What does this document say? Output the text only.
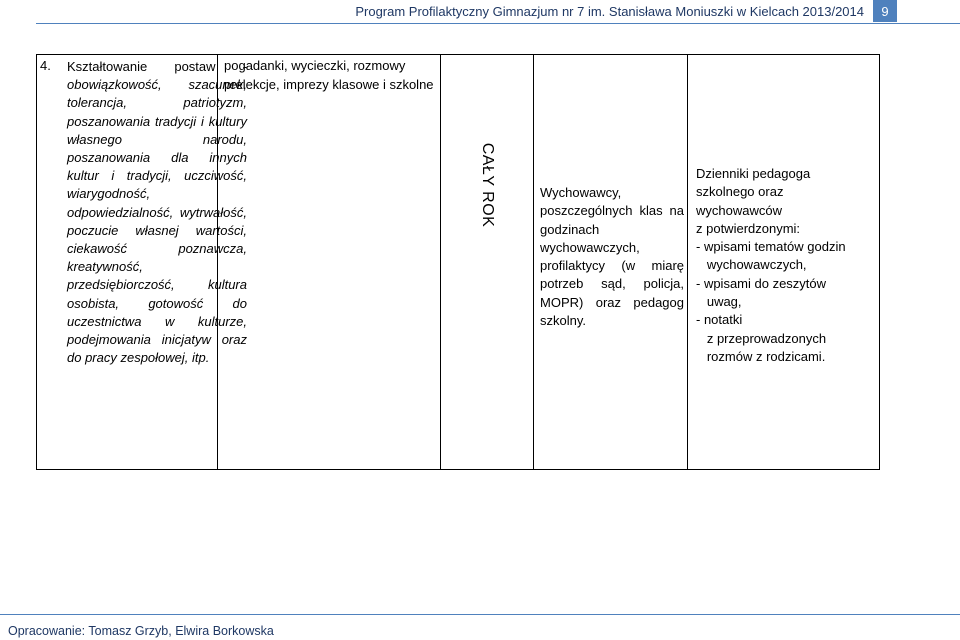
Program Profilaktyczny Gimnazjum nr 7 im. Stanisława Moniuszki w Kielcach 2013/2014	9
4. Kształtowanie postaw - obowiązkowość, szacunek, tolerancja, patriotyzm, poszanowania tradycji i kultury własnego narodu, poszanowania dla innych kultur i tradycji, uczciwość, wiarygodność, odpowiedzialność, wytrwałość, poczucie własnej wartości, ciekawość poznawcza, kreatywność, przedsiębiorczość, kultura osobista, gotowość do uczestnictwa w kulturze, podejmowania inicjatyw oraz do pracy zespołowej, itp.
pogadanki, wycieczki, rozmowy prelekcje, imprezy klasowe i szkolne
CAŁY ROK	Wychowawcy, poszczególnych klas na godzinach wychowawczych, profilaktycy (w miarę potrzeb sąd, policja, MOPR) oraz pedagog szkolny.
Dzienniki pedagoga
szkolnego oraz
wychowawców
z potwierdzonymi:
- wpisami tematów godzin
wychowawczych,
- wpisami do zeszytów
uwag,
- notatki
z przeprowadzonych
rozmów z rodzicami.
Opracowanie: Tomasz Grzyb, Elwira Borkowska
